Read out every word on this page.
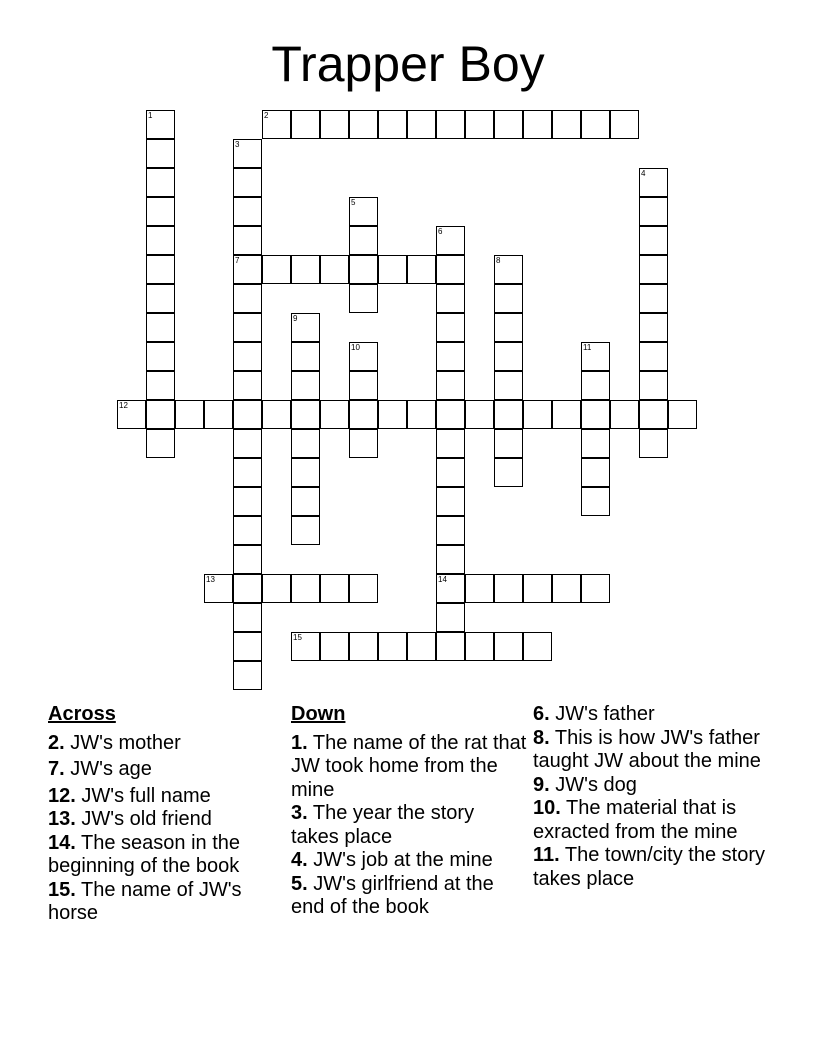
Trapper Boy
1	2
3
7
4
5
6
14
8
9
10	11
12
13
15
Across

2. JW's mother

7. JW's age

12. JW's full name

13. JW's old friend

14. The season in the beginning of the book

15. The name of JW's horse

Down

1. The name of the rat that JW took home from the mine

3. The year the story takes place

4. JW's job at the mine

5. JW's girlfriend at the end of the book

6. JW's father

8. This is how JW's father taught JW about the mine

9. JW's dog

10. The material that is exracted from the mine

11. The town/city the story takes place
